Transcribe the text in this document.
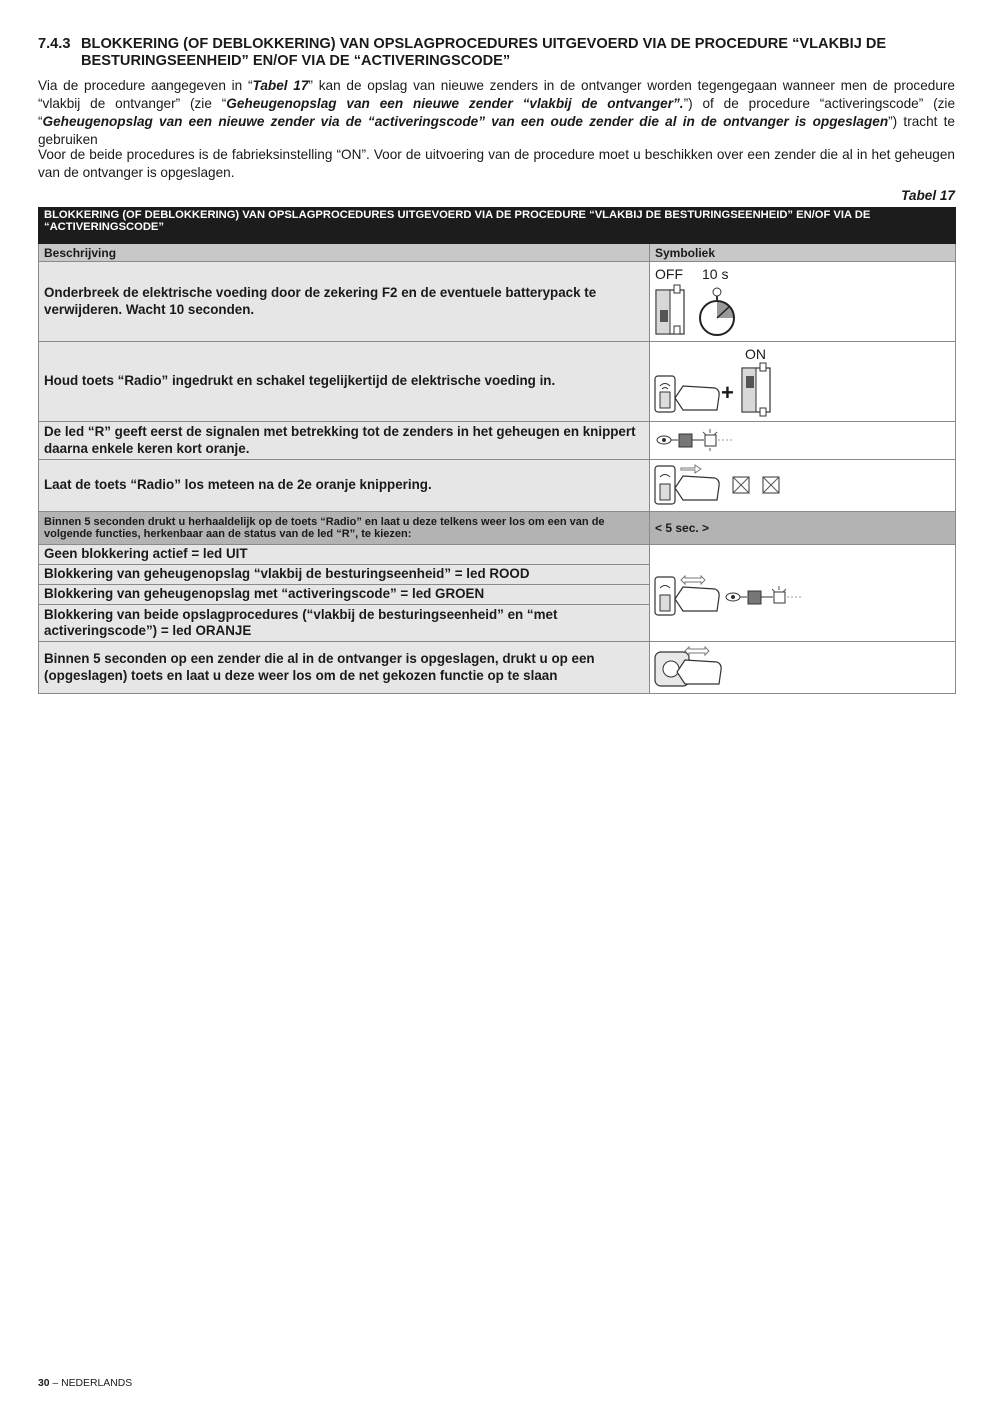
7.4.3 BLOKKERING (OF DEBLOKKERING) VAN OPSLAGPROCEDURES UITGEVOERD VIA DE PROCEDURE “VLAKBIJ DE BESTURINGSEENHEID” EN/OF VIA DE “ACTIVERINGSCODE”
Via de procedure aangegeven in “Tabel 17” kan de opslag van nieuwe zenders in de ontvanger worden tegengegaan wanneer men de procedure “vlakbij de ontvanger” (zie “Geheugenopslag van een nieuwe zender “vlakbij de ontvanger”.”) of de procedure “activeringscode” (zie “Geheugenopslag van een nieuwe zender via de “activeringscode” van een oude zender die al in de ontvanger is opgeslagen”) tracht te gebruiken
Voor de beide procedures is de fabrieksinstelling “ON”. Voor de uitvoering van de procedure moet u beschikken over een zender die al in het geheugen van de ontvanger is opgeslagen.
Tabel 17
BLOKKERING (OF DEBLOKKERING) VAN OPSLAGPROCEDURES UITGEVOERD VIA DE PROCEDURE “VLAKBIJ DE BESTURINGSEENHEID” EN/OF VIA DE “ACTIVERINGSCODE”	
Beschrijving	Symboliek
Onderbreek de elektrische voeding door de zekering F2 en de eventuele batterypack te verwijderen. Wacht 10 seconden.	OFF 10 s

Houd toets “Radio” ingedrukt en schakel tegelijkertijd de elektrische voeding in.	ON
+

De led “R” geeft eerst de signalen met betrekking tot de zenders in het geheugen en knippert daarna enkele keren kort oranje.	

Laat de toets “Radio” los meteen na de 2e oranje knippering.	

Binnen 5 seconden drukt u herhaaldelijk op de toets “Radio” en laat u deze telkens weer los om een van de volgende functies, herkenbaar aan de status van de led “R”, te kiezen:	< 5 sec. >
Geen blokkering actief = led UIT	

Blokkering van geheugenopslag “vlakbij de besturingseenheid” = led ROOD	
Blokkering van geheugenopslag met “activeringscode” = led GROEN	
Blokkering van beide opslagprocedures (“vlakbij de besturingseenheid” en “met activeringscode”) = led ORANJE	
Binnen 5 seconden op een zender die al in de ontvanger is opgeslagen, drukt u op een (opgeslagen) toets en laat u deze weer los om de net gekozen functie op te slaan	
30 – NEDERLANDS
